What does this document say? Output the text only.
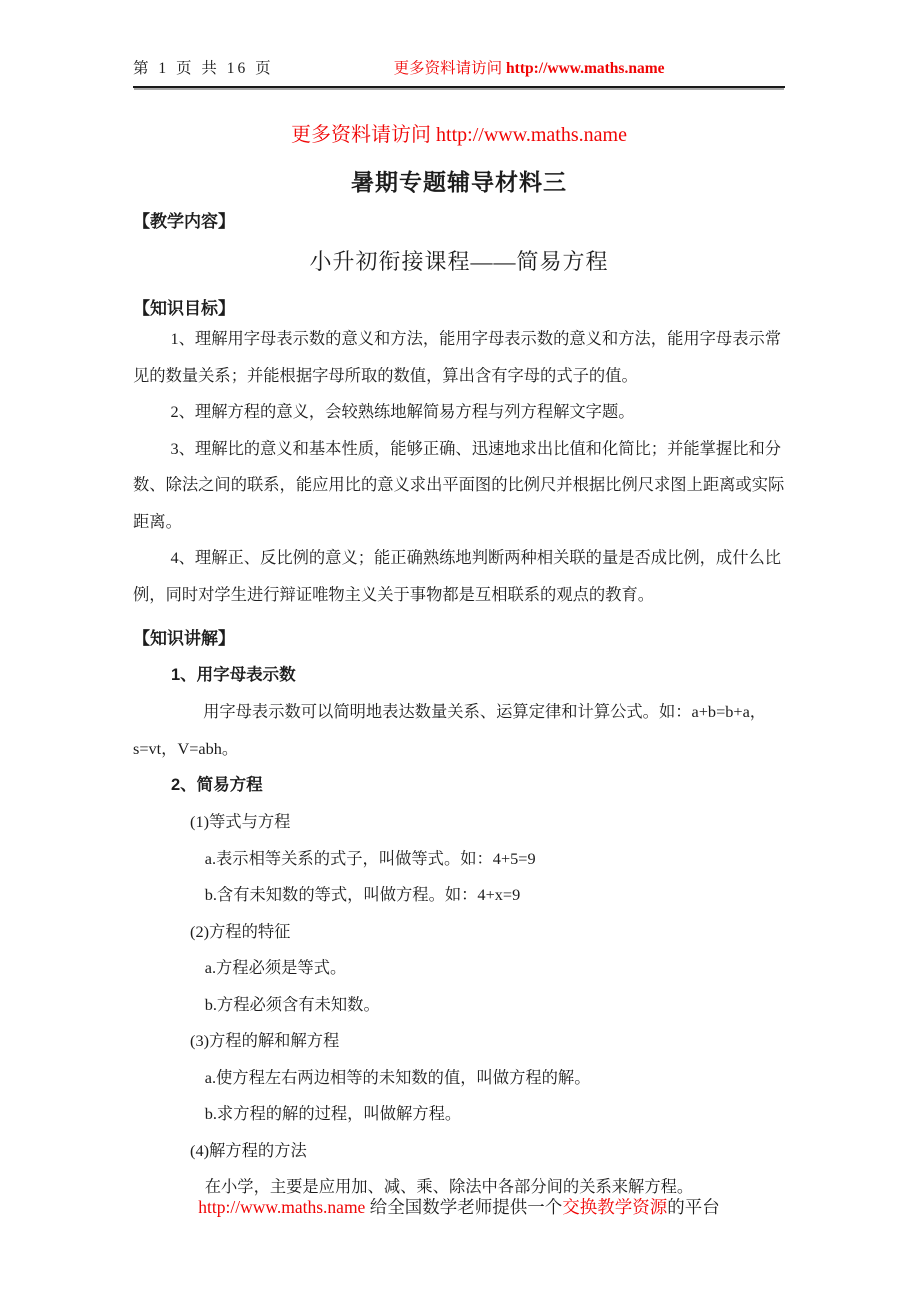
第 1 页 共 16 页	更多资料请访问 http://www.maths.name
更多资料请访问 http://www.maths.name
暑期专题辅导材料三
【教学内容】
小升初衔接课程——简易方程
【知识目标】

1、理解用字母表示数的意义和方法，能用字母表示数的意义和方法，能用字母表示常见的数量关系；并能根据字母所取的数值，算出含有字母的式子的值。

2、理解方程的意义，会较熟练地解简易方程与列方程解文字题。

3、理解比的意义和基本性质，能够正确、迅速地求出比值和化简比；并能掌握比和分数、除法之间的联系，能应用比的意义求出平面图的比例尺并根据比例尺求图上距离或实际距离。

4、理解正、反比例的意义；能正确熟练地判断两种相关联的量是否成比例，成什么比例，同时对学生进行辩证唯物主义关于事物都是互相联系的观点的教育。

【知识讲解】
1、用字母表示数

用字母表示数可以简明地表达数量关系、运算定律和计算公式。如：a+b=b+a，s=vt，V=abh。

2、简易方程
(1)等式与方程
a.表示相等关系的式子，叫做等式。如：4+5=9
b.含有未知数的等式，叫做方程。如：4+x=9
(2)方程的特征
a.方程必须是等式。
b.方程必须含有未知数。
(3)方程的解和解方程
a.使方程左右两边相等的未知数的值，叫做方程的解。
b.求方程的解的过程，叫做解方程。
(4)解方程的方法

在小学，主要是应用加、减、乘、除法中各部分间的关系来解方程。

http://www.maths.name 给全国数学老师提供一个交换教学资源的平台
